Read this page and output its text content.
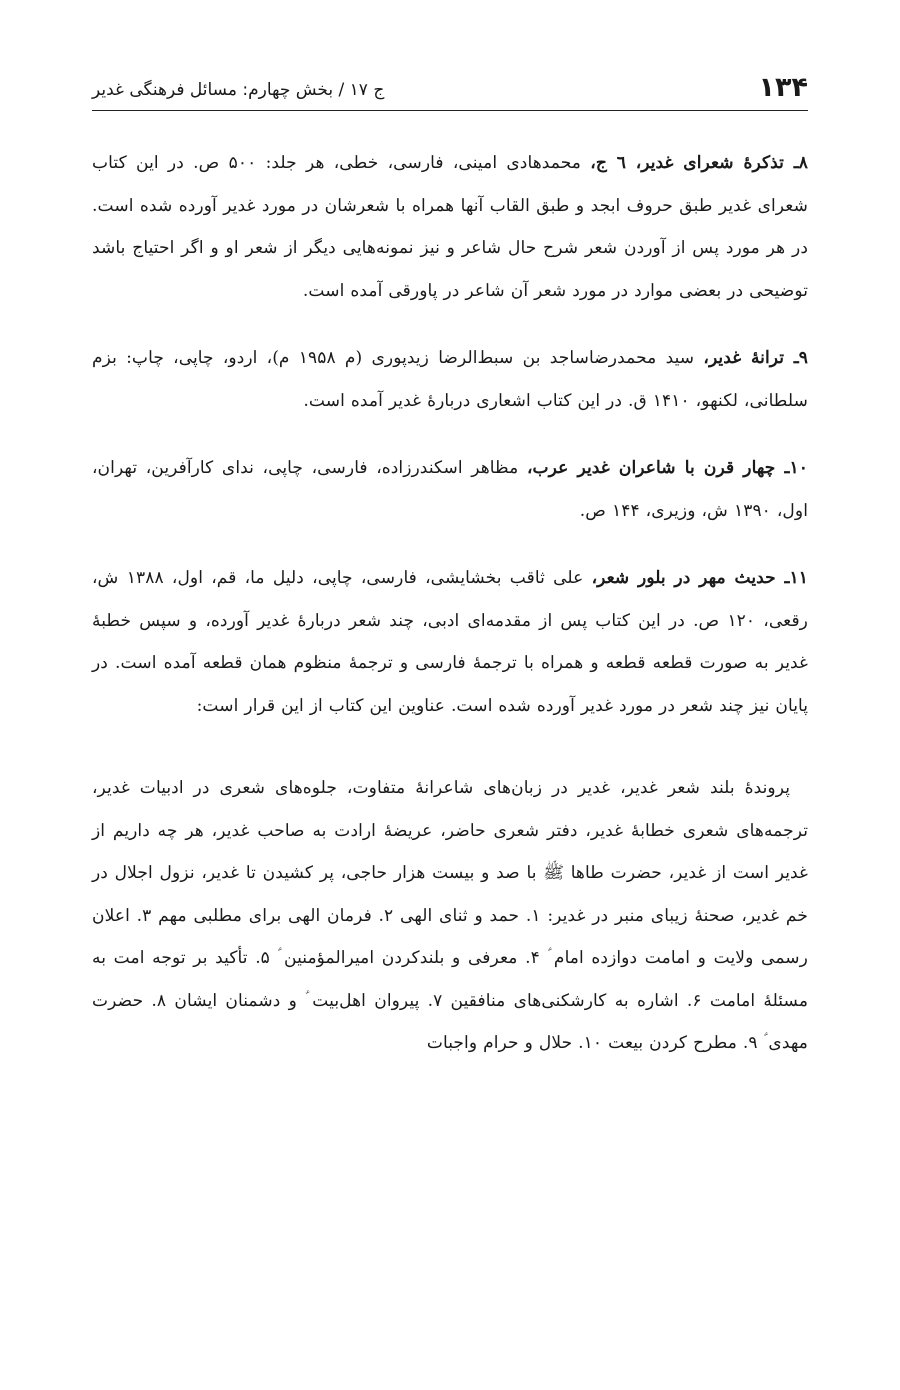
۱۳۴
ج ۱۷ / بخش چهارم: مسائل فرهنگی غدیر

۸ـ تذکرهٔ شعرای غدیر، ٦ ج، محمدهادی امینی، فارسی، خطی، هر جلد: ۵۰۰ ص. در این کتاب شعرای غدیر طبق حروف ابجد و طبق القاب آنها همراه با شعرشان در مورد غدیر آورده شده است. در هر مورد پس از آوردن شعر شرح حال شاعر و نیز نمونه‌هایی دیگر از شعر او و اگر احتیاج باشد توضیحی در بعضی موارد در مورد شعر آن شاعر در پاورقی آمده است.

۹ـ ترانهٔ غدیر، سید محمدرضاساجد بن سبط‌الرضا زیدپوری (م ۱۹۵۸ م)، اردو، چاپی، چاپ: بزم سلطانی، لکنهو، ۱۴۱۰ ق. در این کتاب اشعاری دربارهٔ غدیر آمده است.

۱۰ـ چهار قرن با شاعران غدیر عرب، مظاهر اسکندرزاده، فارسی، چاپی، ندای کارآفرین، تهران، اول، ۱۳۹۰ ش، وزیری، ۱۴۴ ص.

۱۱ـ حدیث مهر در بلور شعر، علی ثاقب بخشایشی، فارسی، چاپی، دلیل ما، قم، اول، ۱۳۸۸ ش، رقعی، ۱۲۰ ص. در این کتاب پس از مقدمه‌ای ادبی، چند شعر دربارهٔ غدیر آورده، و سپس خطبهٔ غدیر به صورت قطعه قطعه و همراه با ترجمهٔ فارسی و ترجمهٔ منظوم همان قطعه آمده است. در پایان نیز چند شعر در مورد غدیر آورده شده است. عناوین این کتاب از این قرار است:

پروندهٔ بلند شعر غدیر، غدیر در زبان‌های شاعرانهٔ متفاوت، جلوه‌های شعری در ادبیات غدیر، ترجمه‌های شعری خطابهٔ غدیر، دفتر شعری حاضر، عریضهٔ ارادت به صاحب غدیر، هر چه داریم از غدیر است از غدیر، حضرت طاها ﷺ با صد و بیست هزار حاجی، پر کشیدن تا غدیر، نزول اجلال در خم غدیر، صحنهٔ زیبای منبر در غدیر: ۱. حمد و ثنای الهی ۲. فرمان الهی برای مطلبی مهم ۳. اعلان رسمی ولایت و امامت دوازده امام ؑ ۴. معرفی و بلندکردن امیرالمؤمنین ؑ ۵. تأکید بر توجه امت به مسئلهٔ امامت ۶. اشاره به کارشکنی‌های منافقین ۷. پیروان اهل‌بیت ؑ و دشمنان ایشان ۸. حضرت مهدی ؑ ۹. مطرح کردن بیعت ۱۰. حلال و حرام واجبات
